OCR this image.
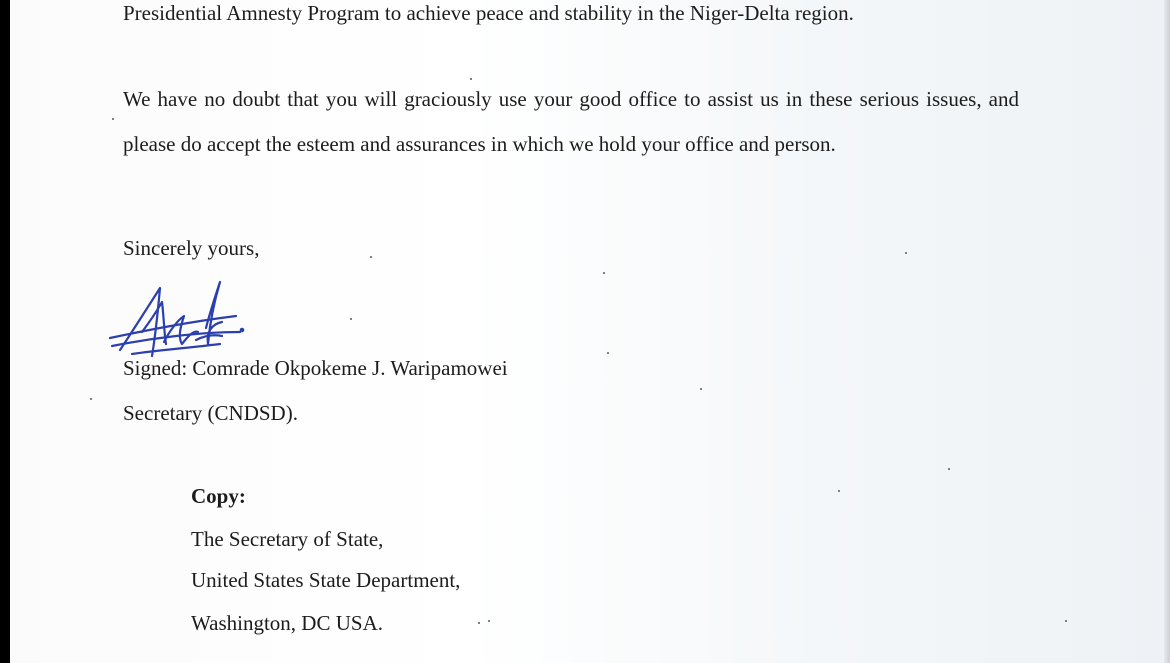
Presidential Amnesty Program to achieve peace and stability in the Niger-Delta region.

We have no doubt that you will graciously use your good office to assist us in these serious issues, and please do accept the esteem and assurances in which we hold your office and person.

Sincerely yours,

Signed: Comrade Okpokeme J. Waripamowei

Secretary (CNDSD).

Copy:

The Secretary of State,

United States State Department,

Washington, DC USA.
